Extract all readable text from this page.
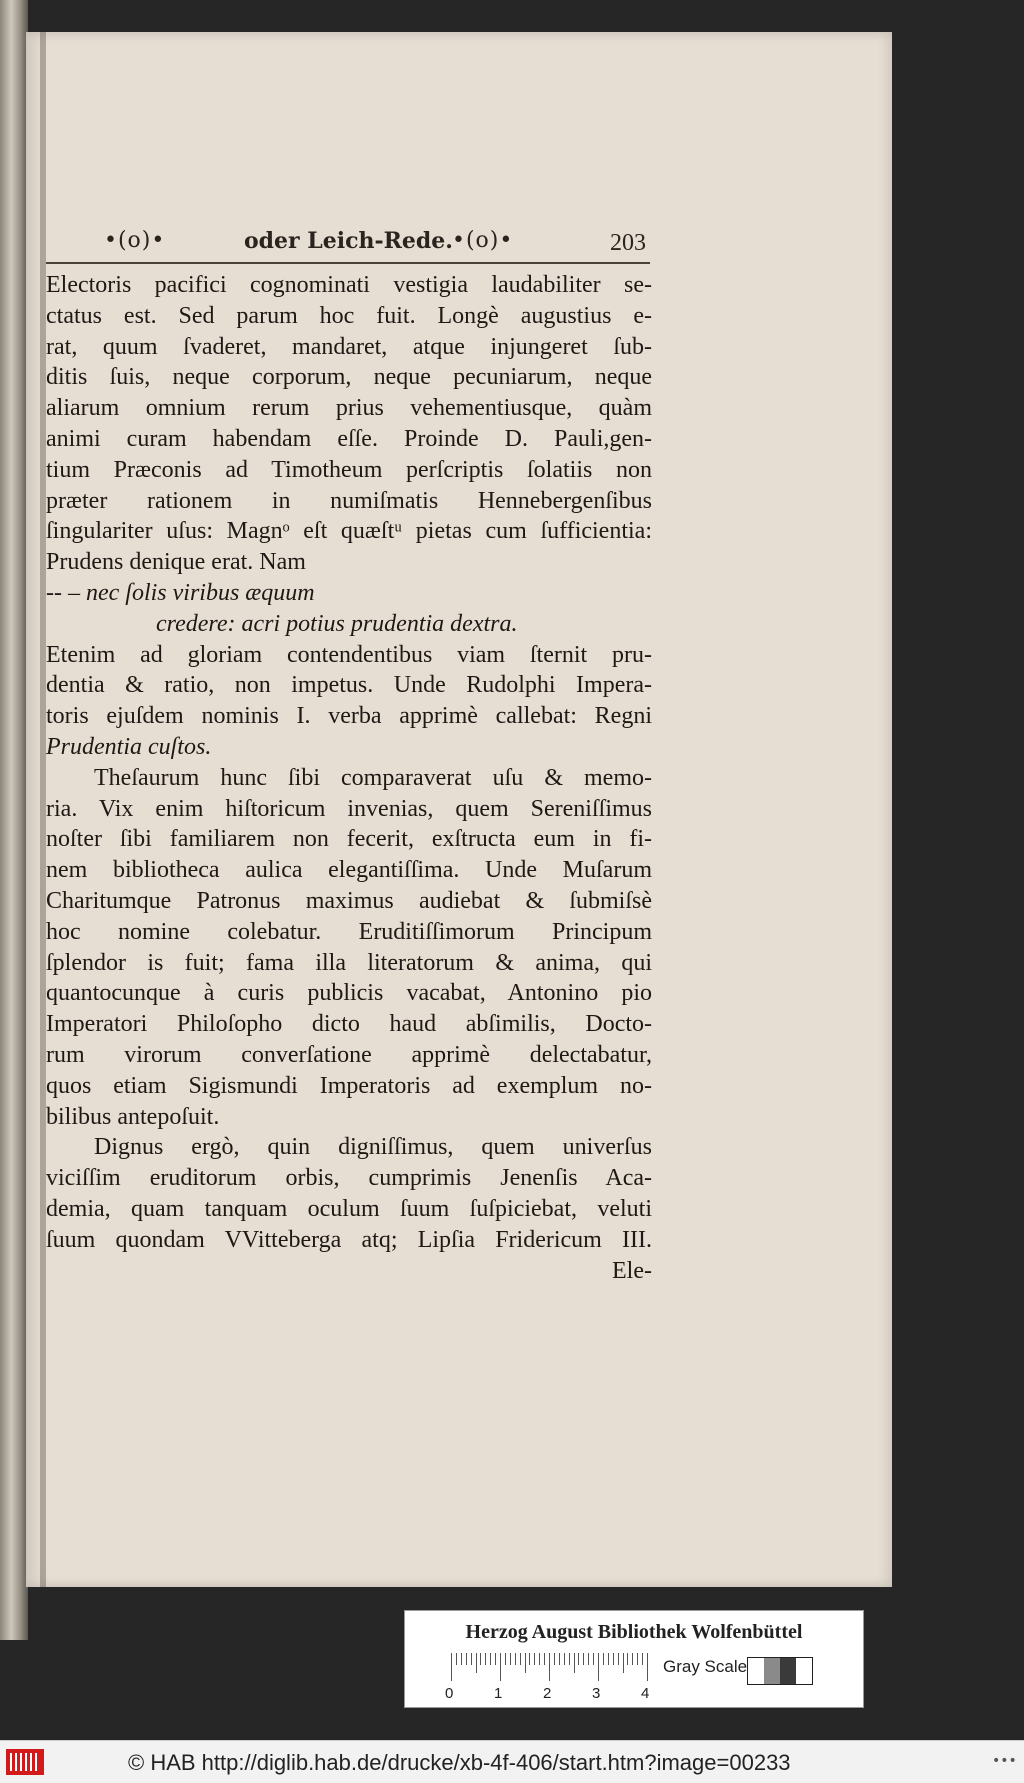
•(o)•	oder Leich-Rede. •(o)•	203
Electoris pacifici cognominati vestigia laudabiliter se-
ctatus est. Sed parum hoc fuit. Longè augustius e-
rat, quum ſvaderet, mandaret, atque injungeret ſub-
ditis ſuis, neque corporum, neque pecuniarum, neque
aliarum omnium rerum prius vehementiusque, quàm
animi curam habendam eſſe. Proinde D. Pauli,gen-
tium Præconis ad Timotheum perſcriptis ſolatiis non
præter rationem in numiſmatis Hennebergenſibus
ſingulariter uſus: Magnᵒ eſt quæſtᵘ pietas cum ſufficientia:
Prudens denique erat. Nam
-- – nec ſolis viribus æquum
credere: acri potius prudentia dextra.
Etenim ad gloriam contendentibus viam ſternit pru-
dentia & ratio, non impetus. Unde Rudolphi Impera-
toris ejuſdem nominis I. verba apprimè callebat: Regni
Prudentia cuſtos.
Theſaurum hunc ſibi comparaverat uſu & memo-
ria. Vix enim hiſtoricum invenias, quem Sereniſſimus
noſter ſibi familiarem non fecerit, exſtructa eum in fi-
nem bibliotheca aulica elegantiſſima. Unde Muſarum
Charitumque Patronus maximus audiebat & ſubmiſsè
hoc nomine colebatur. Eruditiſſimorum Principum
ſplendor is fuit; fama illa literatorum & anima, qui
quantocunque à curis publicis vacabat, Antonino pio
Imperatori Philoſopho dicto haud abſimilis, Docto-
rum virorum converſatione apprimè delectabatur,
quos etiam Sigismundi Imperatoris ad exemplum no-
bilibus antepoſuit.
Dignus ergò, quin digniſſimus, quem univerſus
viciſſim eruditorum orbis, cumprimis Jenenſis Aca-
demia, quam tanquam oculum ſuum ſuſpiciebat, veluti
ſuum quondam VVitteberga atq; Lipſia Fridericum III.
Ele-
Herzog August Bibliothek Wolfenbüttel
0	1	2	3	4
Gray Scale
© HAB http://diglib.hab.de/drucke/xb-4f-406/start.htm?image=00233	•••
